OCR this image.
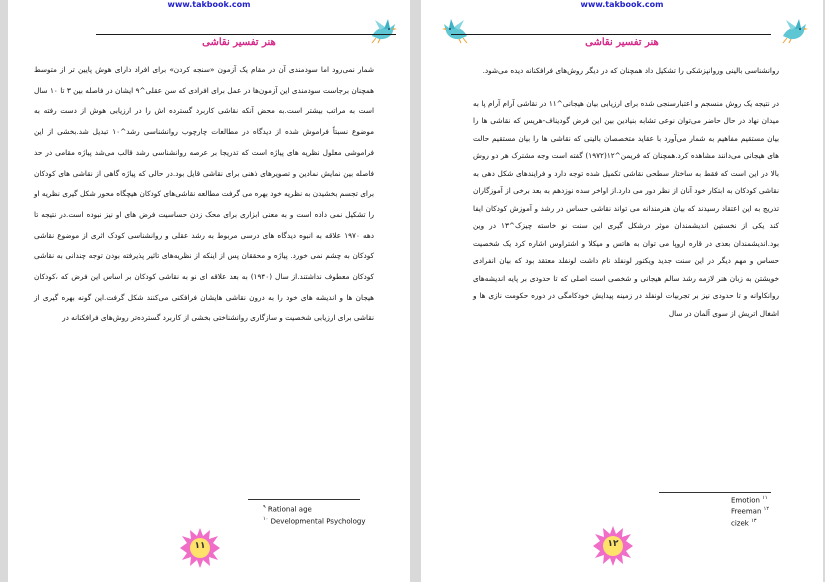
www.takbook.com
هنر تفسیر نقاشی

شمار نمی‌رود اما سودمندی آن در مقام یک آزمون «سنجه کردن» برای افراد دارای هوش پایین تر از متوسط همچنان برجاست سودمندی این آزمون‌ها در عمل برای افرادی که سن عقلی^۹ ایشان در فاصله بین ۳ تا ۱۰ سال است به مراتب بیشتر است.به محض آنکه نقاشی کاربرد گسترده اش را در ارزیابی هوش از دست رفته به موضوع نسبتاً فراموش شده از دیدگاه در مطالعات چارچوب روانشناسی رشد^۱۰ تبدیل شد.بخشی از این فراموشی معلول نظریه های پیاژه است که تدریجا بر عرصه روانشناسی رشد قالب می‌شد پیاژه مقامی در حد فاصله بین نمایش نمادین و تصویرهای ذهنی برای نقاشی قایل بود.در حالی که پیاژه گاهی از نقاشی های کودکان برای تجسم بخشیدن به نظریه خود بهره می گرفت مطالعه نقاشی‌های کودکان هیچگاه محور شکل گیری نظریه او را تشکیل نمی داده است و به معنی ابزاری برای محک زدن حساسیت فرض های او نیز نبوده است.در نتیجه تا دهه ۱۹۷۰ علاقه به انبوه دیدگاه های درسی مربوط به رشد عقلی و روانشناسی کودک اثری از موضوع نقاشی کودکان به چشم نمی خورد. پیاژه و محققان پس از اینکه از نظریه‌های تاثیر پذیرفته بودن توجه چندانی به نقاشی کودکان معطوف نداشتند.از سال (۱۹۴۰) به بعد علاقه ای نو به نقاشی کودکان بر اساس این فرض که ،کودکان هیجان ها و اندیشه های خود را به درون نقاشی هایشان فرافکنی می‌کنند شکل گرفت.این گونه بهره گیری از نقاشی برای ارزیابی شخصیت و سازگاری روانشناختی بخشی از کاربرد گسترده‌تر روش‌های فرافکنانه در

$^۹$ Rational age
$^{۱۰}$ Developmental Psychology
۱۱
www.takbook.com
هنر تفسیر نقاشی

روانشناسی بالینی وروانپزشکی را تشکیل داد همچنان که در دیگر روش‌های فرافکنانه دیده می‌شود.

در نتیجه یک روش منسجم و اعتبارسنجی شده برای ارزیابی بیان هیجانی^۱۱ در نقاشی آرام آرام پا به میدان نهاد در حال حاضر می‌توان نوعی تشابه بنیادین بین این فرض گودیناف-هریس که نقاشی ها را بیان مستقیم مفاهیم به شمار می‌آورد با عقاید متخصصان بالینی که نقاشی ها را بیان مستقیم حالت های هیجانی می‌دانند مشاهده کرد.همچنان که فریمن^۱۲(۱۹۷۲) گفته است وجه مشترک هر دو روش بالا در این است که فقط به ساختار سطحی نقاشی تکمیل شده توجه دارد و فرایندهای شکل دهی به نقاشی کودکان به ابتکار خود آنان از نظر دور می دارد.از اواخر سده نوزدهم به بعد برخی از آموزگاران تدریج به این اعتقاد رسیدند که بیان هنرمندانه می تواند نقاشی حساس در رشد و آموزش کودکان ایفا کند یکی از نخستین اندیشمندان موثر درشکل گیری این سنت نو خاسته چیزک^۱۳ در وین بود.اندیشمندان بعدی در قاره اروپا می توان به هاتس و میکلا و اشتراوس اشاره کرد یک شخصیت حساس و مهم دیگر در این سنت جدید ویکتور لونفلد نام داشت لونفلد معتقد بود که بیان انفرادی خویشتن به زبان هنر لازمه رشد سالم هیجانی و شخصی است اصلی که تا حدودی بر پایه اندیشه‌های روانکاوانه و تا حدودی نیز بر تجربیات لونفلد در زمینه پیدایش خودکامگی در دوره حکومت نازی ها و اشغال اتریش از سوی آلمان در سال

Emotion $^{۱۱}$
Freeman $^{۱۲}$
cizek $^{۱۳}$
۱۲
